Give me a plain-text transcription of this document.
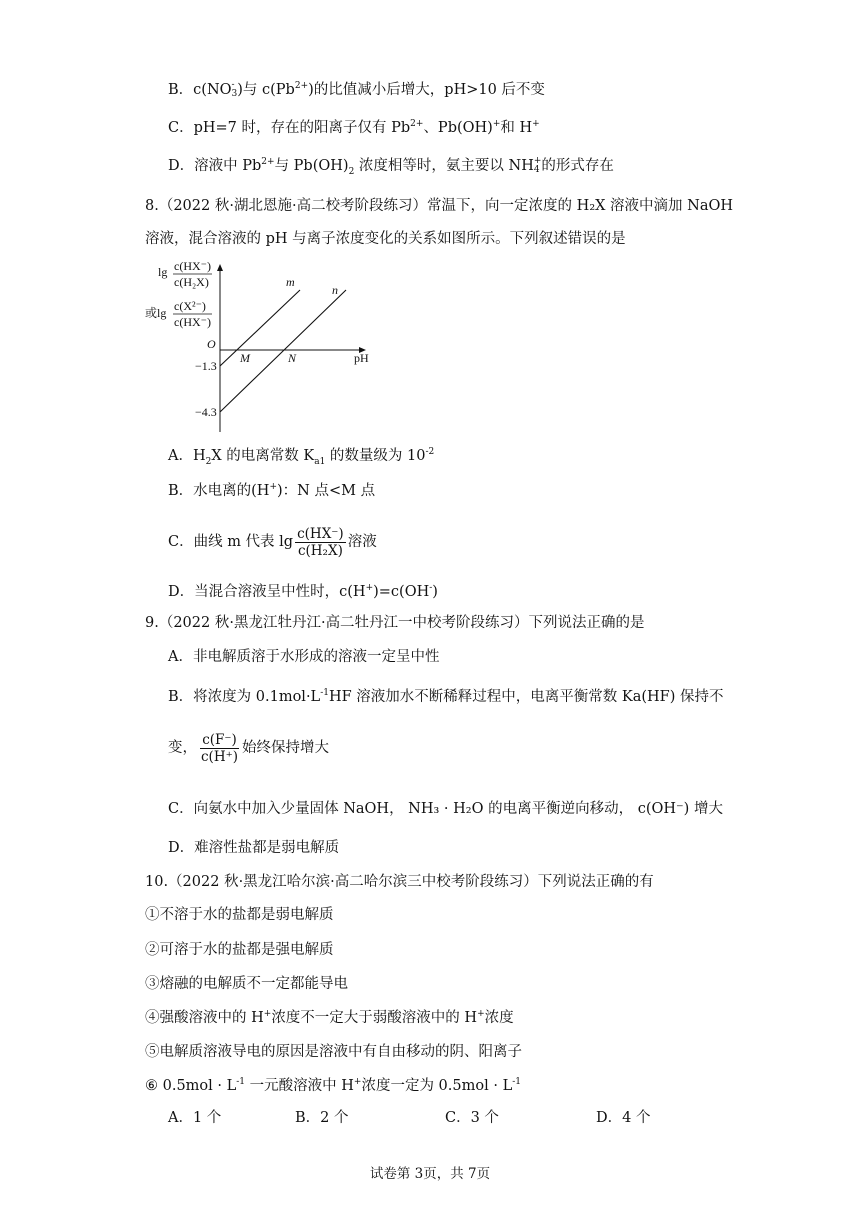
B．c(NO -
3 )与 $c(Pb^{2+})$的比值减小后增大，pH>10 后不变
C．pH=7 时，存在的阳离子仅有 $Pb^{2+}$、Pb(OH)+和 H+
D．溶液中 $Pb^{2+}$与 $Pb(OH)_2$ 浓度相等时，氨主要以 NH +
4 的形式存在
8.（2022 秋·湖北恩施·高二校考阶段练习）常温下，向一定浓度的 H₂X 溶液中滴加 NaOH
溶液，混合溶液的 pH 与离子浓度变化的关系如图所示。下列叙述错误的是
lg c(HX⁻)
c(H₂X)
或lg c(X²⁻)
c(HX⁻)
O
pH
−1.3
−4.3
m
n
M	N
A．$H_2X$ 的电离常数 $K_{a1}$ 的数量级为 $10^{-2}$
B．水电离的(H+)：N 点<M 点
C．曲线 m 代表 $\lg \frac{c(HX^-)}{\text{c(H₂X)}}$ 溶液
D．当混合溶液呈中性时，c(H+)=c(OH-)
9.（2022 秋·黑龙江牡丹江·高二牡丹江一中校考阶段练习）下列说法正确的是
A．非电解质溶于水形成的溶液一定呈中性
B．将浓度为 $0.1mol\cdot L^{-1}HF$ 溶液加水不断稀释过程中，电离平衡常数 Ka(HF) 保持不
变， $\frac{c(F^-)}{c(H^+)}$ 始终保持增大
C．向氨水中加入少量固体 NaOH， NH₃ · H₂O 的电离平衡逆向移动， c(OH⁻) 增大
D．难溶性盐都是弱电解质
10.（2022 秋·黑龙江哈尔滨·高二哈尔滨三中校考阶段练习）下列说法正确的有
①不溶于水的盐都是弱电解质
②可溶于水的盐都是强电解质
③熔融的电解质不一定都能导电
④强酸溶液中的 H+浓度不一定大于弱酸溶液中的 H+浓度
⑤电解质溶液导电的原因是溶液中有自由移动的阴、阳离子
⑥ $0.5mol \cdot L^{-1}$ 一元酸溶液中 H+浓度一定为 $0.5mol \cdot L^{-1}$
A．1 个	B．2 个	C．3 个	D．4 个
试卷第 3页，共 7页
